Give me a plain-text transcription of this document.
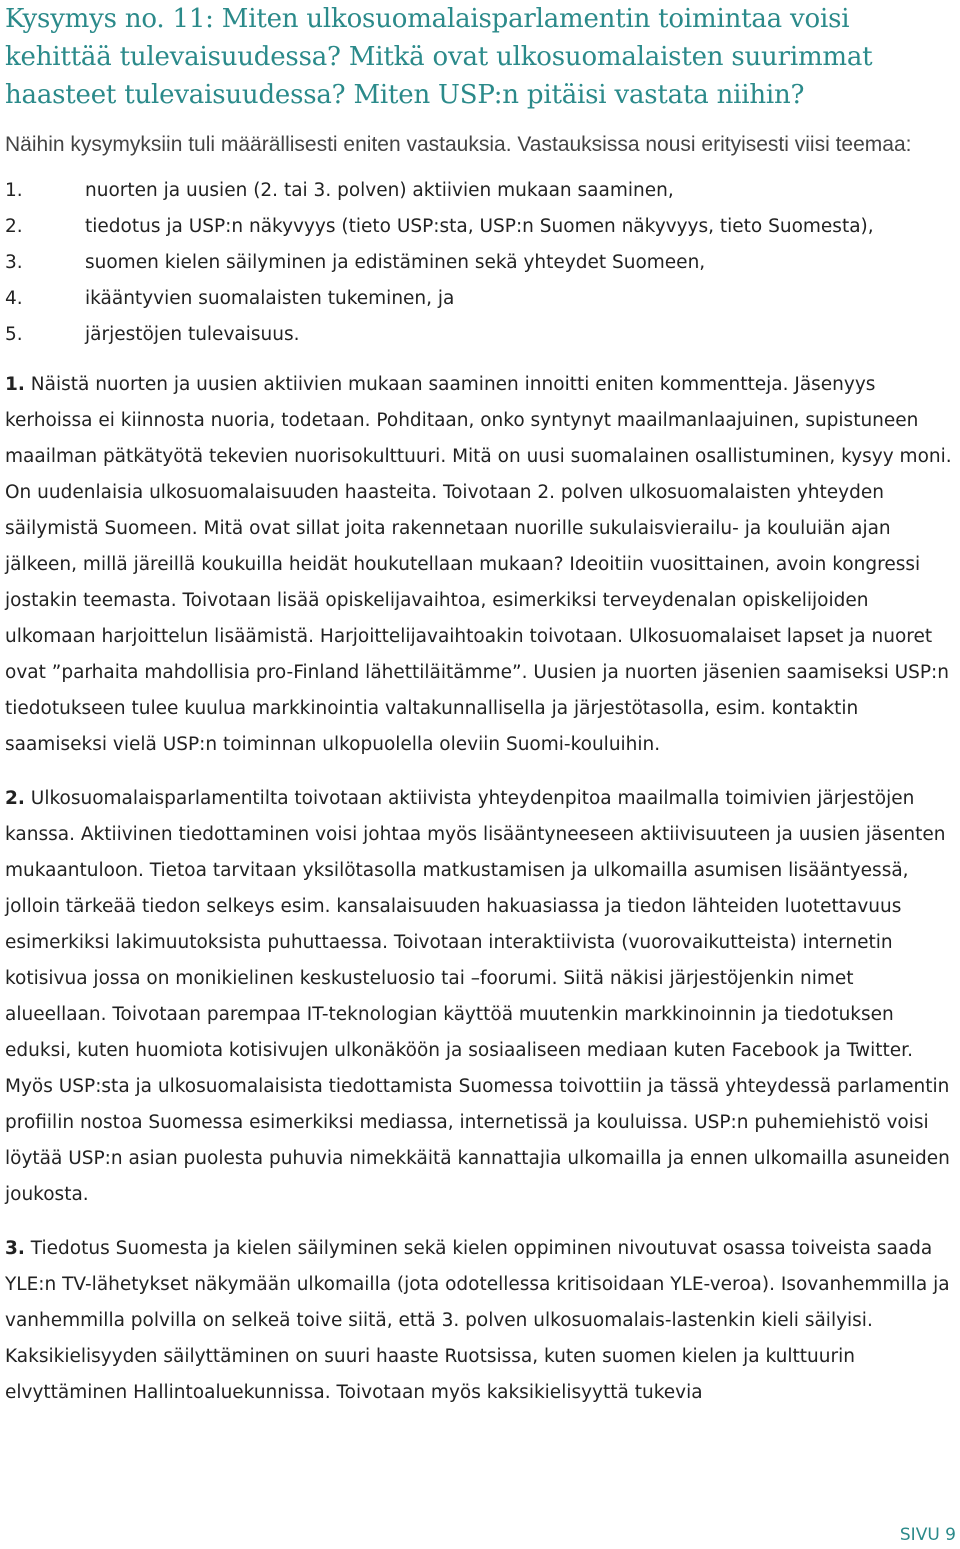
Kysymys no. 11: Miten ulkosuomalaisparlamentin toimintaa voisi kehittää tulevaisuudessa? Mitkä ovat ulkosuomalaisten suurimmat haasteet tulevaisuudessa? Miten USP:n pitäisi vastata niihin?

Näihin kysymyksiin tuli määrällisesti eniten vastauksia. Vastauksissa nousi erityisesti viisi teemaa:

1.	nuorten ja uusien (2. tai 3. polven) aktiivien mukaan saaminen,
2.	tiedotus ja USP:n näkyvyys (tieto USP:sta, USP:n Suomen näkyvyys, tieto Suomesta),
3.	suomen kielen säilyminen ja edistäminen sekä yhteydet Suomeen,
4.	ikääntyvien suomalaisten tukeminen, ja
5.	järjestöjen tulevaisuus.

1. Näistä nuorten ja uusien aktiivien mukaan saaminen innoitti eniten kommentteja. Jäsenyys kerhoissa ei kiinnosta nuoria, todetaan. Pohditaan, onko syntynyt maailmanlaajuinen, supistuneen maailman pätkätyötä tekevien nuorisokulttuuri. Mitä on uusi suomalainen osallistuminen, kysyy moni. On uudenlaisia ulkosuomalaisuuden haasteita. Toivotaan 2. polven ulkosuomalaisten yhteyden säilymistä Suomeen. Mitä ovat sillat joita rakennetaan nuorille sukulaisvierailu- ja kouluiän ajan jälkeen, millä järeillä koukuilla heidät houkutellaan mukaan? Ideoitiin vuosittainen, avoin kongressi jostakin teemasta. Toivotaan lisää opiskelijavaihtoa, esimerkiksi terveydenalan opiskelijoiden ulkomaan harjoittelun lisäämistä. Harjoittelijavaihtoakin toivotaan. Ulkosuomalaiset lapset ja nuoret ovat ”parhaita mahdollisia pro-Finland lähettiläitämme”. Uusien ja nuorten jäsenien saamiseksi USP:n tiedotukseen tulee kuulua markkinointia valtakunnallisella ja järjestötasolla, esim. kontaktin saamiseksi vielä USP:n toiminnan ulkopuolella oleviin Suomi-kouluihin.

2. Ulkosuomalaisparlamentilta toivotaan aktiivista yhteydenpitoa maailmalla toimivien järjestöjen kanssa. Aktiivinen tiedottaminen voisi johtaa myös lisääntyneeseen aktiivisuuteen ja uusien jäsenten mukaantuloon. Tietoa tarvitaan yksilötasolla matkustamisen ja ulkomailla asumisen lisääntyessä, jolloin tärkeää tiedon selkeys esim. kansalaisuuden hakuasiassa ja tiedon lähteiden luotettavuus esimerkiksi lakimuutoksista puhuttaessa. Toivotaan interaktiivista (vuorovaikutteista) internetin kotisivua jossa on monikielinen keskusteluosio tai –foorumi. Siitä näkisi järjestöjenkin nimet alueellaan. Toivotaan parempaa IT-teknologian käyttöä muutenkin markkinoinnin ja tiedotuksen eduksi, kuten huomiota kotisivujen ulkonäköön ja sosiaaliseen mediaan kuten Facebook ja Twitter. Myös USP:sta ja ulkosuomalaisista tiedottamista Suomessa toivottiin ja tässä yhteydessä parlamentin profiilin nostoa Suomessa esimerkiksi mediassa, internetissä ja kouluissa. USP:n puhemiehistö voisi löytää USP:n asian puolesta puhuvia nimekkäitä kannattajia ulkomailla ja ennen ulkomailla asuneiden joukosta.

3. Tiedotus Suomesta ja kielen säilyminen sekä kielen oppiminen nivoutuvat osassa toiveista saada YLE:n TV-lähetykset näkymään ulkomailla (jota odotellessa kritisoidaan YLE-veroa). Isovanhemmilla ja vanhemmilla polvilla on selkeä toive siitä, että 3. polven ulkosuomalais-lastenkin kieli säilyisi. Kaksikielisyyden säilyttäminen on suuri haaste Ruotsissa, kuten suomen kielen ja kulttuurin elvyttäminen Hallintoaluekunnissa. Toivotaan myös kaksikielisyyttä tukevia

SIVU 9
